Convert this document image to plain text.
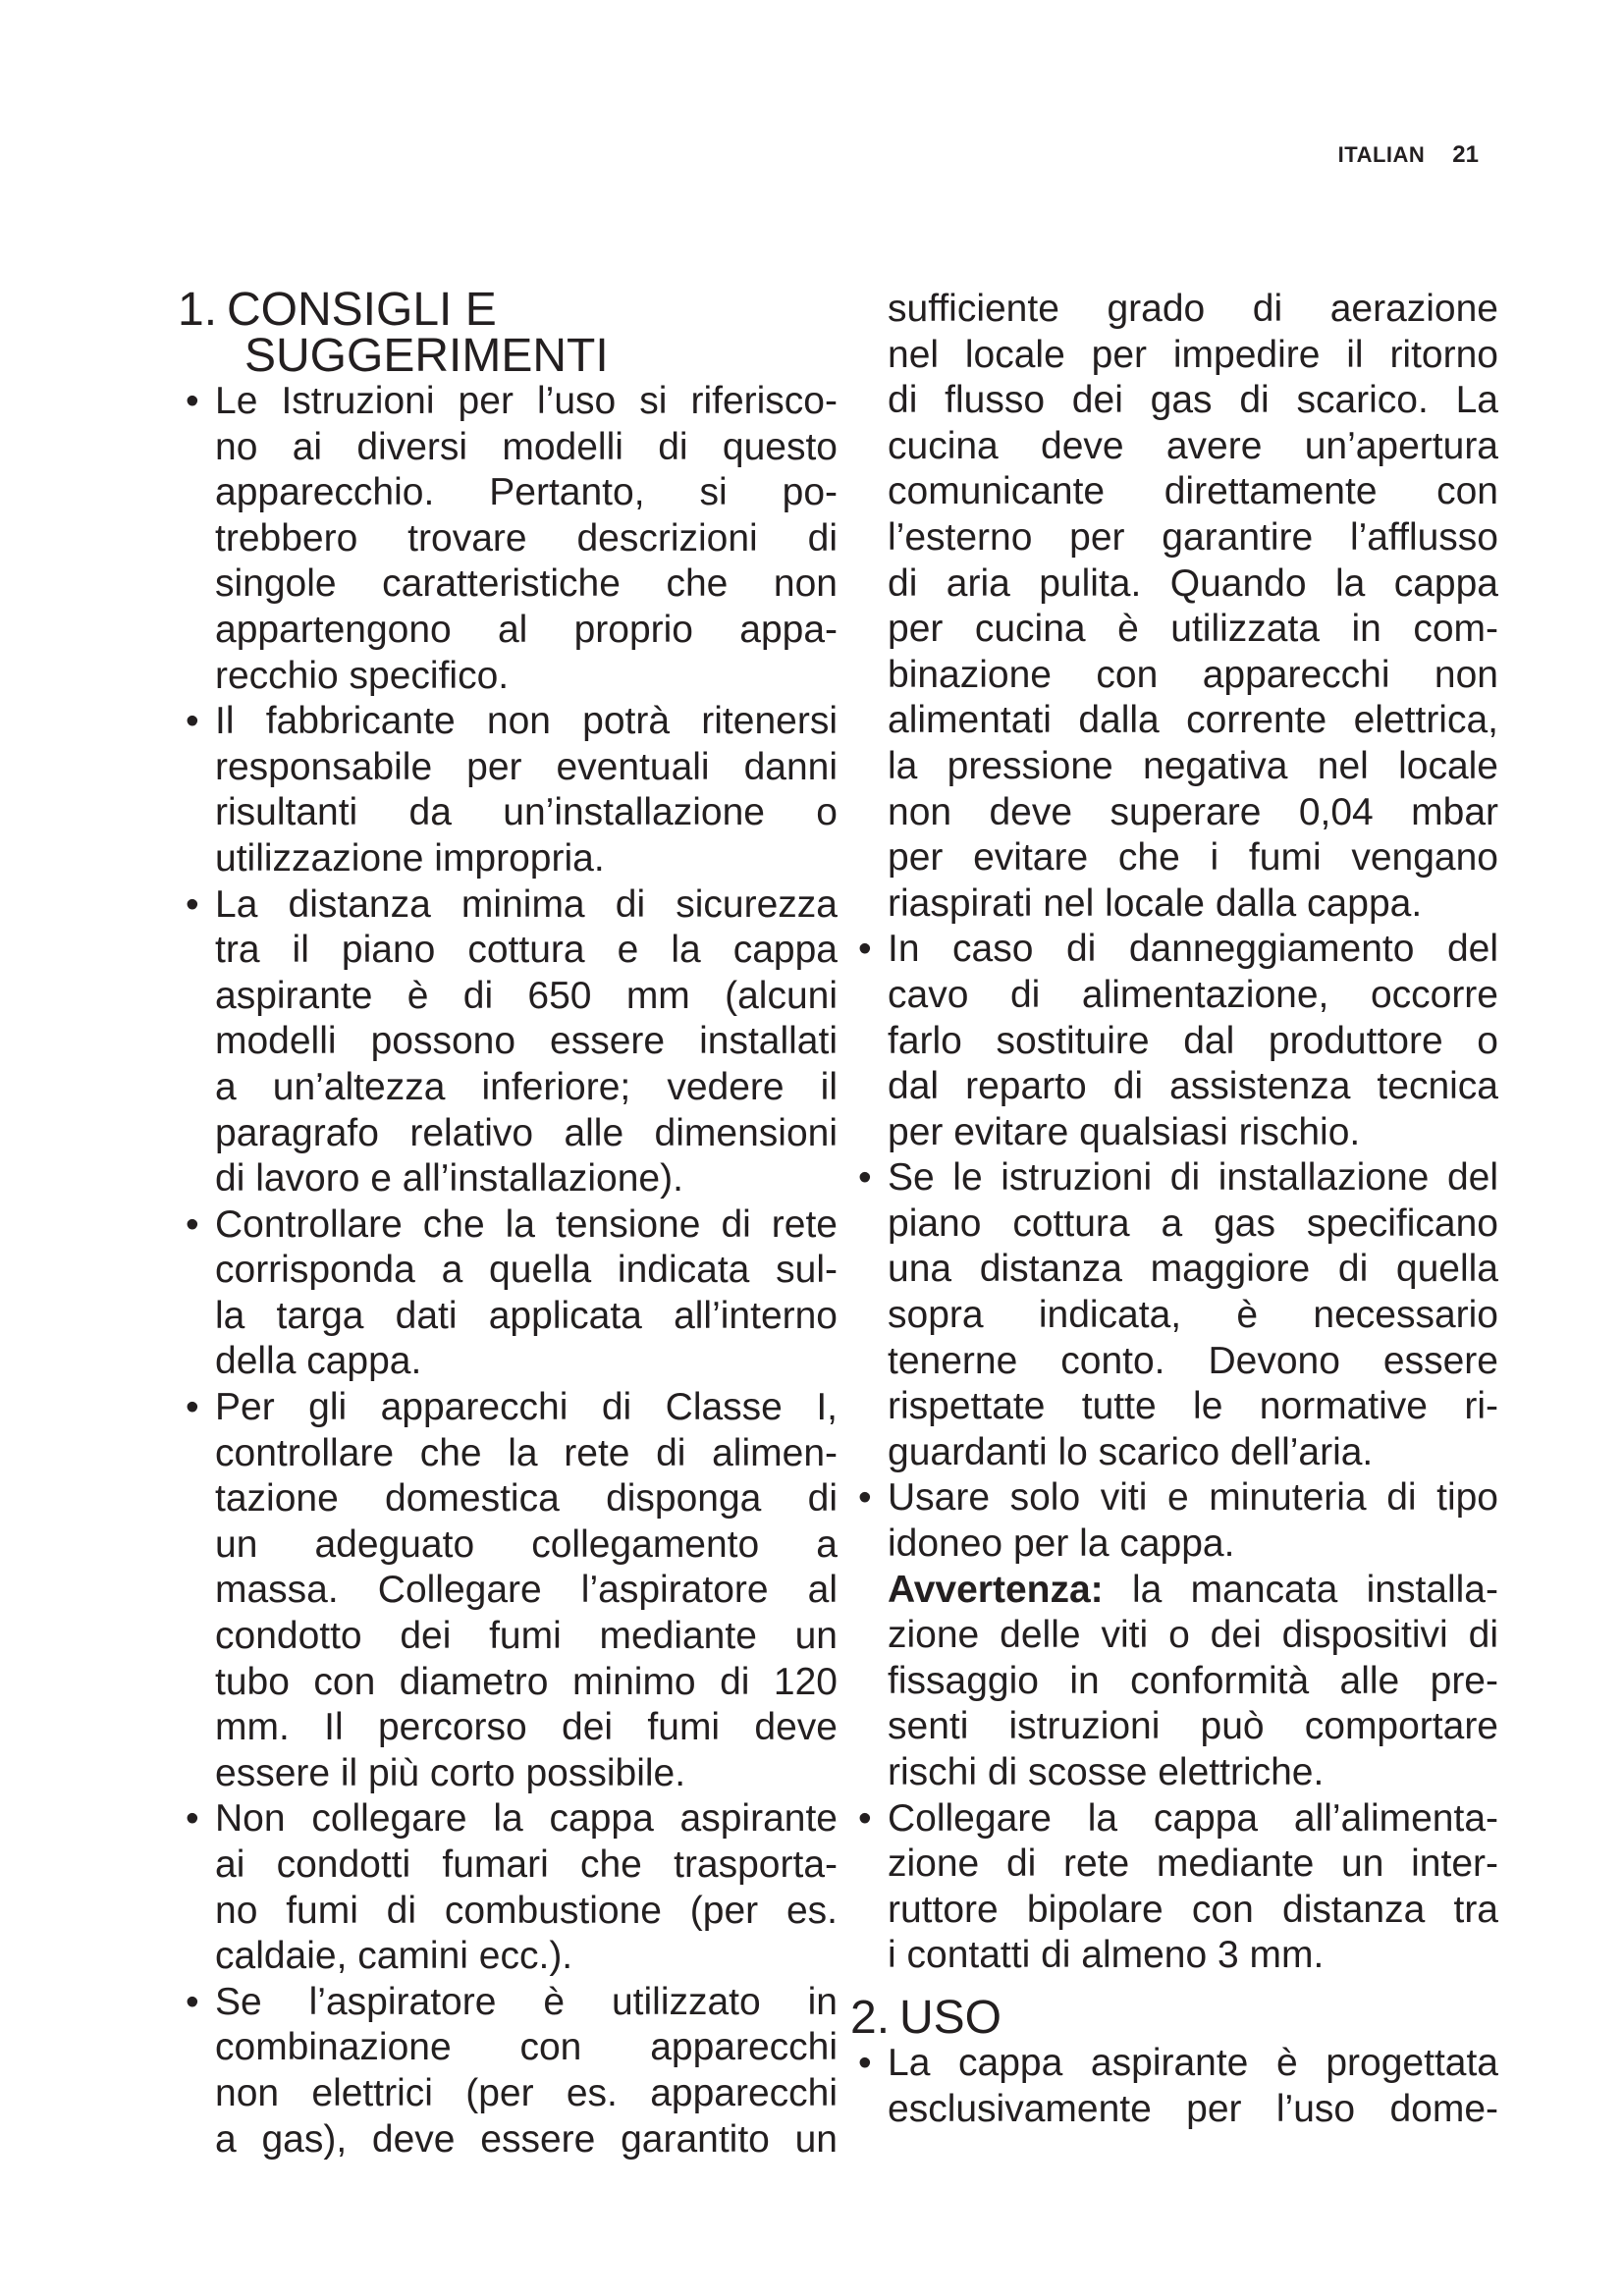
ITALIAN 21
1. CONSIGLI E
SUGGERIMENTI
• Le Istruzioni per l’uso si riferisco-
no ai diversi modelli di questo
apparecchio. Pertanto, si po-
trebbero trovare descrizioni di
singole caratteristiche che non
appartengono al proprio appa-
recchio specifico.
• Il fabbricante non potrà ritenersi
responsabile per eventuali danni
risultanti da un’installazione o
utilizzazione impropria.
• La distanza minima di sicurezza
tra il piano cottura e la cappa
aspirante è di 650 mm (alcuni
modelli possono essere installati
a un’altezza inferiore; vedere il
paragrafo relativo alle dimensioni
di lavoro e all’installazione).
• Controllare che la tensione di rete
corrisponda a quella indicata sul-
la targa dati applicata all’interno
della cappa.
• Per gli apparecchi di Classe I,
controllare che la rete di alimen-
tazione domestica disponga di
un adeguato collegamento a
massa. Collegare l’aspiratore al
condotto dei fumi mediante un
tubo con diametro minimo di 120
mm. Il percorso dei fumi deve
essere il più corto possibile.
• Non collegare la cappa aspirante
ai condotti fumari che trasporta-
no fumi di combustione (per es.
caldaie, camini ecc.).
• Se l’aspiratore è utilizzato in
combinazione con apparecchi
non elettrici (per es. apparecchi
a gas), deve essere garantito un
sufficiente grado di aerazione
nel locale per impedire il ritorno
di flusso dei gas di scarico. La
cucina deve avere un’apertura
comunicante direttamente con
l’esterno per garantire l’afflusso
di aria pulita. Quando la cappa
per cucina è utilizzata in com-
binazione con apparecchi non
alimentati dalla corrente elettrica,
la pressione negativa nel locale
non deve superare 0,04 mbar
per evitare che i fumi vengano
riaspirati nel locale dalla cappa.
• In caso di danneggiamento del
cavo di alimentazione, occorre
farlo sostituire dal produttore o
dal reparto di assistenza tecnica
per evitare qualsiasi rischio.
• Se le istruzioni di installazione del
piano cottura a gas specificano
una distanza maggiore di quella
sopra indicata, è necessario
tenerne conto. Devono essere
rispettate tutte le normative ri-
guardanti lo scarico dell’aria.
• Usare solo viti e minuteria di tipo
idoneo per la cappa.
Avvertenza: la mancata installa-
zione delle viti o dei dispositivi di
fissaggio in conformità alle pre-
senti istruzioni può comportare
rischi di scosse elettriche.
• Collegare la cappa all’alimenta-
zione di rete mediante un inter-
ruttore bipolare con distanza tra
i contatti di almeno 3 mm.
2. USO
• La cappa aspirante è progettata
esclusivamente per l’uso dome-
